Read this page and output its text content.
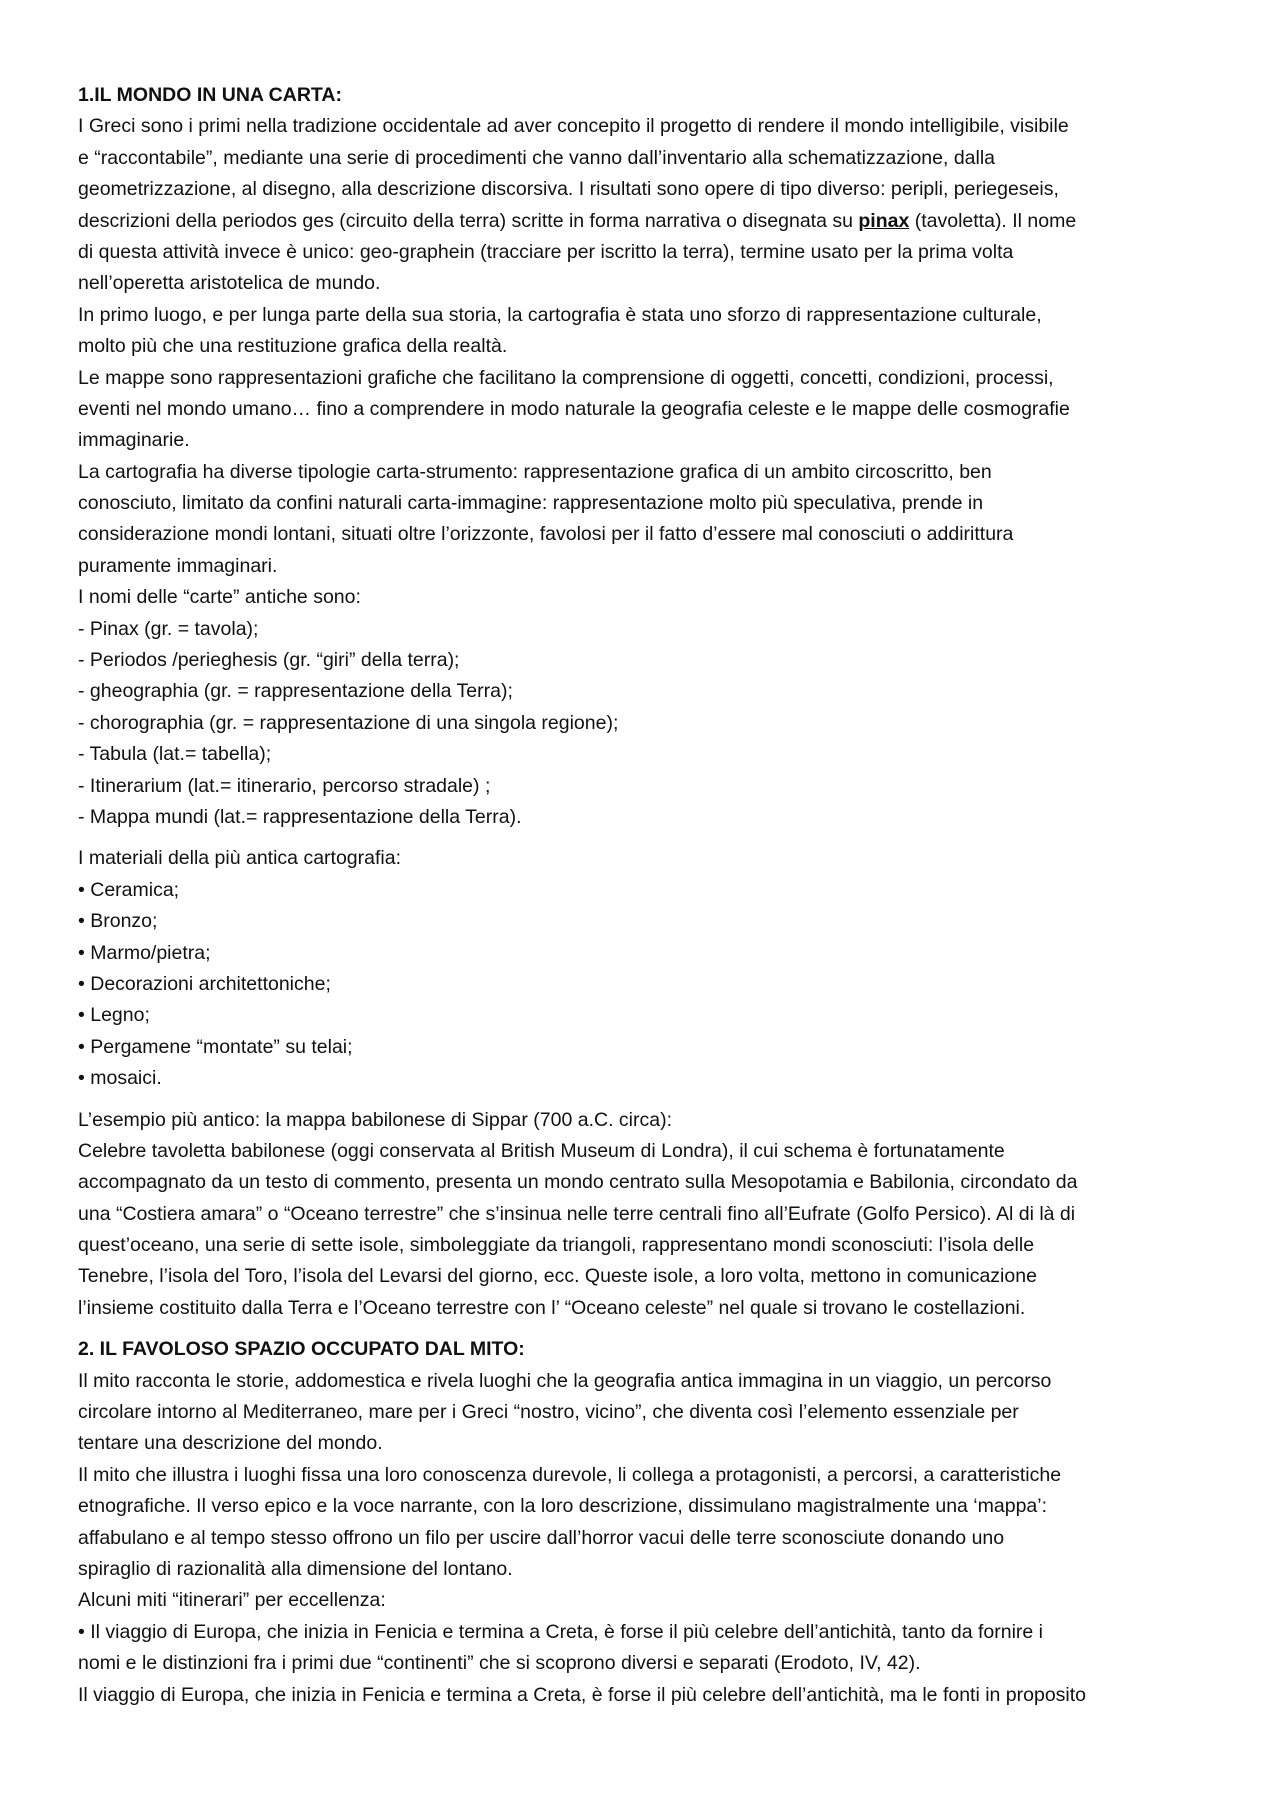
1.IL MONDO IN UNA CARTA:
I Greci sono i primi nella tradizione occidentale ad aver concepito il progetto di rendere il mondo intelligibile, visibile
e “raccontabile”, mediante una serie di procedimenti che vanno dall’inventario alla schematizzazione, dalla
geometrizzazione, al disegno, alla descrizione discorsiva. I risultati sono opere di tipo diverso: peripli, periegeseis,
descrizioni della periodos ges (circuito della terra) scritte in forma narrativa o disegnata su pinax (tavoletta). Il nome
di questa attività invece è unico: geo-graphein (tracciare per iscritto la terra), termine usato per la prima volta
nell’operetta aristotelica de mundo.
In primo luogo, e per lunga parte della sua storia, la cartografia è stata uno sforzo di rappresentazione culturale,
molto più che una restituzione grafica della realtà.
Le mappe sono rappresentazioni grafiche che facilitano la comprensione di oggetti, concetti, condizioni, processi,
eventi nel mondo umano… fino a comprendere in modo naturale la geografia celeste e le mappe delle cosmografie
immaginarie.
La cartografia ha diverse tipologie carta-strumento: rappresentazione grafica di un ambito circoscritto, ben
conosciuto, limitato da confini naturali carta-immagine: rappresentazione molto più speculativa, prende in
considerazione mondi lontani, situati oltre l’orizzonte, favolosi per il fatto d’essere mal conosciuti o addirittura
puramente immaginari.
I nomi delle “carte” antiche sono:
- Pinax (gr. = tavola);
- Periodos /perieghesis (gr. “giri” della terra);
- gheographia (gr. = rappresentazione della Terra);
- chorographia (gr. = rappresentazione di una singola regione);
- Tabula (lat.= tabella);
- Itinerarium (lat.= itinerario, percorso stradale) ;
- Mappa mundi (lat.= rappresentazione della Terra).
I materiali della più antica cartografia:
• Ceramica;
• Bronzo;
• Marmo/pietra;
• Decorazioni architettoniche;
• Legno;
• Pergamene “montate” su telai;
• mosaici.
L’esempio più antico: la mappa babilonese di Sippar (700 a.C. circa):
Celebre tavoletta babilonese (oggi conservata al British Museum di Londra), il cui schema è fortunatamente
accompagnato da un testo di commento, presenta un mondo centrato sulla Mesopotamia e Babilonia, circondato da
una “Costiera amara” o “Oceano terrestre” che s’insinua nelle terre centrali fino all’Eufrate (Golfo Persico). Al di là di
quest’oceano, una serie di sette isole, simboleggiate da triangoli, rappresentano mondi sconosciuti: l’isola delle
Tenebre, l’isola del Toro, l’isola del Levarsi del giorno, ecc. Queste isole, a loro volta, mettono in comunicazione
l’insieme costituito dalla Terra e l’Oceano terrestre con l’ “Oceano celeste” nel quale si trovano le costellazioni.
2. IL FAVOLOSO SPAZIO OCCUPATO DAL MITO:
Il mito racconta le storie, addomestica e rivela luoghi che la geografia antica immagina in un viaggio, un percorso
circolare intorno al Mediterraneo, mare per i Greci “nostro, vicino”, che diventa così l’elemento essenziale per
tentare una descrizione del mondo.
Il mito che illustra i luoghi fissa una loro conoscenza durevole, li collega a protagonisti, a percorsi, a caratteristiche
etnografiche. Il verso epico e la voce narrante, con la loro descrizione, dissimulano magistralmente una ‘mappa’:
affabulano e al tempo stesso offrono un filo per uscire dall’horror vacui delle terre sconosciute donando uno
spiraglio di razionalità alla dimensione del lontano.
Alcuni miti “itinerari” per eccellenza:
• Il viaggio di Europa, che inizia in Fenicia e termina a Creta, è forse il più celebre dell’antichità, tanto da fornire i
nomi e le distinzioni fra i primi due “continenti” che si scoprono diversi e separati (Erodoto, IV, 42).
Il viaggio di Europa, che inizia in Fenicia e termina a Creta, è forse il più celebre dell’antichità, ma le fonti in proposito
